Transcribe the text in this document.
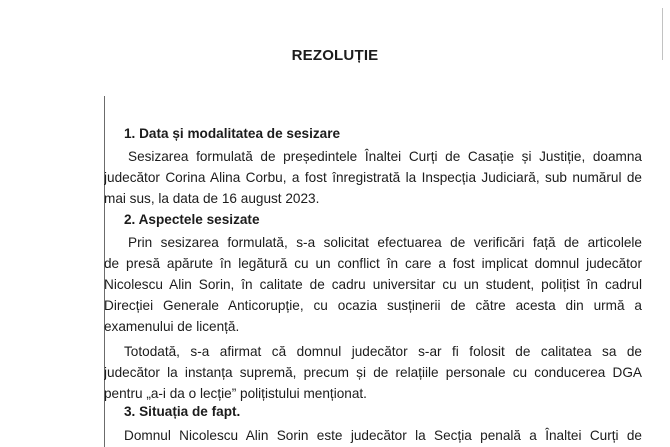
REZOLUȚIE
1. Data și modalitatea de sesizare
Sesizarea formulată de președintele Înaltei Curți de Casație și Justiție, doamna
judecător Corina Alina Corbu, a fost înregistrată la Inspecția Judiciară, sub numărul de
mai sus, la data de 16 august 2023.
2. Aspectele sesizate
Prin sesizarea formulată, s-a solicitat efectuarea de verificări față de articolele
de presă apărute în legătură cu un conflict în care a fost implicat domnul judecător
Nicolescu Alin Sorin, în calitate de cadru universitar cu un student, polițist în cadrul
Direcției Generale Anticorupție, cu ocazia susținerii de către acesta din urmă a
examenului de licență.
Totodată, s-a afirmat că domnul judecător s-ar fi folosit de calitatea sa de
judecător la instanța supremă, precum și de relațiile personale cu conducerea DGA
pentru „a-i da o lecție” polițistului menționat.
3. Situația de fapt.
Domnul Nicolescu Alin Sorin este judecător la Secția penală a Înaltei Curți de
